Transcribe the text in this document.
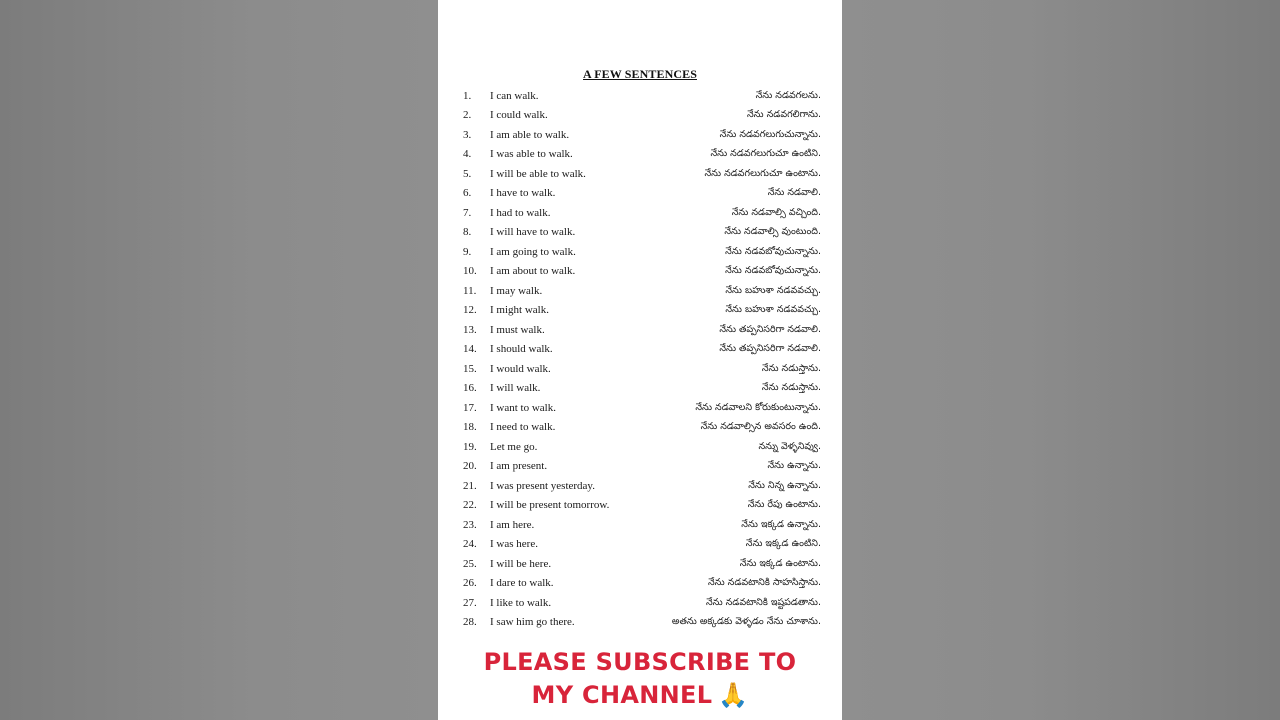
A FEW SENTENCES
1. I can walk.	నేను నడవగలను.
2. I could walk.	నేను నడవగలిగాను.
3. I am able to walk.	నేను నడవగలుగుచున్నాను.
4. I was able to walk.	నేను నడవగలుగుచూ ఉంటిని.
5. I will be able to walk.	నేను నడవగలుగుచూ ఉంటాను.
6. I have to walk.	నేను నడవాలి.
7. I had to walk.	నేను నడవాల్సి వచ్చింది.
8. I will have to walk.	నేను నడవాల్సి వుంటుంది.
9. I am going to walk.	నేను నడవబోవుచున్నాను.
10. I am about to walk.	నేను నడవబోవుచున్నాను.
11. I may walk.	నేను బహుశా నడవవచ్చు.
12. I might walk.	నేను బహుశా నడవవచ్చు.
13. I must walk.	నేను తప్పనిసరిగా నడవాలి.
14. I should walk.	నేను తప్పనిసరిగా నడవాలి.
15. I would walk.	నేను నడుస్తాను.
16. I will walk.	నేను నడుస్తాను.
17. I want to walk.	నేను నడవాలని కోరుకుంటున్నాను.
18. I need to walk.	నేను నడవాల్సిన అవసరం ఉంది.
19. Let me go.	నన్ను వెళ్ళనివ్వు.
20. I am present.	నేను ఉన్నాను.
21. I was present yesterday.	నేను నిన్న ఉన్నాను.
22. I will be present tomorrow.	నేను రేపు ఉంటాను.
23. I am here.	నేను ఇక్కడ ఉన్నాను.
24. I was here.	నేను ఇక్కడ ఉంటిని.
25. I will be here.	నేను ఇక్కడ ఉంటాను.
26. I dare to walk.	నేను నడవటానికి సాహసిస్తాను.
27. I like to walk.	నేను నడవటానికి ఇష్టపడతాను.
28. I saw him go there.	అతను అక్కడకు వెళ్ళడం నేను చూశాను.
PLEASE SUBSCRIBE TO
MY CHANNEL 🙏
